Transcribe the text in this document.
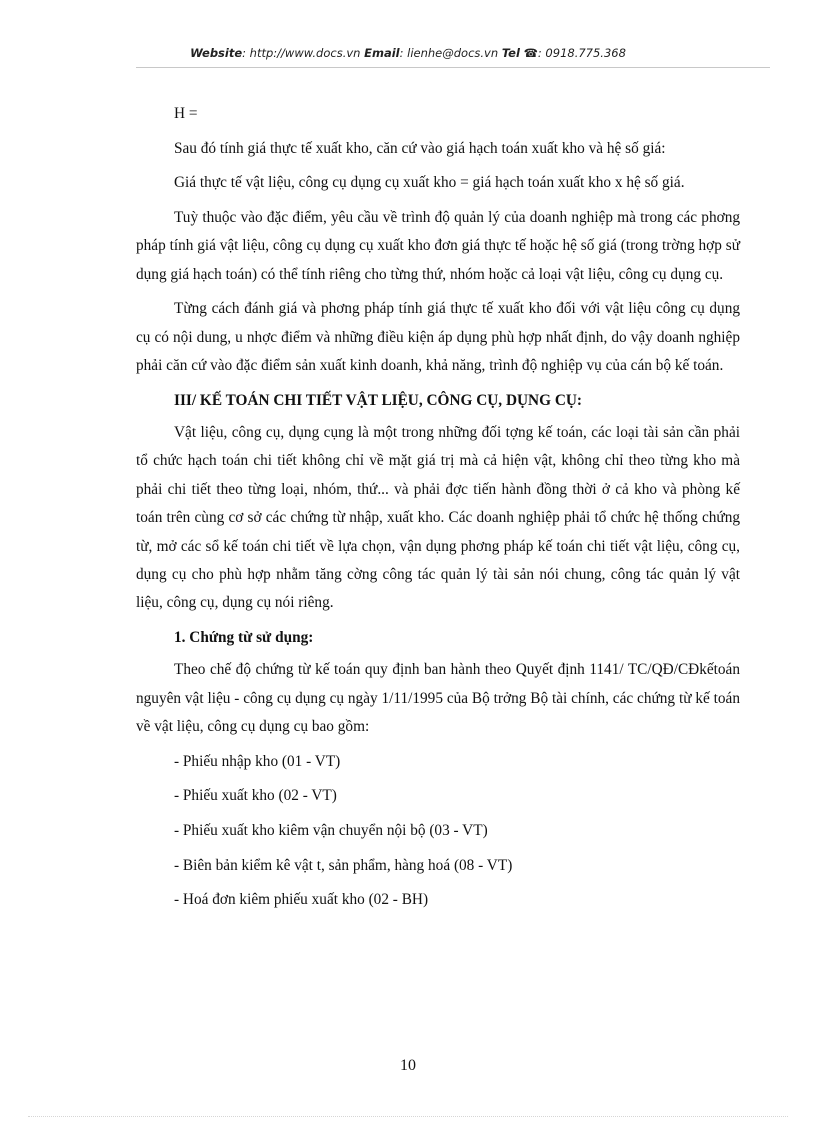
Website: http://www.docs.vn Email: lienhe@docs.vn Tel ☎: 0918.775.368

H =

Sau đó tính giá thực tế xuất kho, căn cứ vào giá hạch toán xuất kho và hệ số giá:

Giá thực tế vật liệu, công cụ dụng cụ xuất kho = giá hạch toán xuất kho x hệ số giá.

Tuỳ thuộc vào đặc điểm, yêu cầu về trình độ quản lý của doanh nghiệp mà trong các phơng pháp tính giá vật liệu, công cụ dụng cụ xuất kho đơn giá thực tế hoặc hệ số giá (trong trờng hợp sử dụng giá hạch toán) có thể tính riêng cho từng thứ, nhóm hoặc cả loại vật liệu, công cụ dụng cụ.

Từng cách đánh giá và phơng pháp tính giá thực tế xuất kho đối với vật liệu công cụ dụng cụ có nội dung, u nhợc điểm và những điều kiện áp dụng phù hợp nhất định, do vậy doanh nghiệp phải căn cứ vào đặc điểm sản xuất kinh doanh, khả năng, trình độ nghiệp vụ của cán bộ kế toán.

III/ KẾ TOÁN CHI TIẾT VẬT LIỆU, CÔNG CỤ, DỤNG CỤ:

Vật liệu, công cụ, dụng cụng là một trong những đối tợng kế toán, các loại tài sản cần phải tổ chức hạch toán chi tiết không chỉ về mặt giá trị mà cả hiện vật, không chỉ theo từng kho mà phải chi tiết theo từng loại, nhóm, thứ... và phải đợc tiến hành đồng thời ở cả kho và phòng kế toán trên cùng cơ sở các chứng từ nhập, xuất kho. Các doanh nghiệp phải tổ chức hệ thống chứng từ, mở các sổ kế toán chi tiết về lựa chọn, vận dụng phơng pháp kế toán chi tiết vật liệu, công cụ, dụng cụ cho phù hợp nhằm tăng cờng công tác quản lý tài sản nói chung, công tác quản lý vật liệu, công cụ, dụng cụ nói riêng.

1. Chứng từ sử dụng:

Theo chế độ chứng từ kế toán quy định ban hành theo Quyết định 1141/ TC/QĐ/CĐkếtoán nguyên vật liệu - công cụ dụng cụ ngày 1/11/1995 của Bộ trởng Bộ tài chính, các chứng từ kế toán về vật liệu, công cụ dụng cụ bao gồm:

- Phiếu nhập kho (01 - VT)
- Phiếu xuất kho (02 - VT)
- Phiếu xuất kho kiêm vận chuyển nội bộ (03 - VT)
- Biên bản kiểm kê vật t, sản phẩm, hàng hoá (08 - VT)
- Hoá đơn kiêm phiếu xuất kho (02 - BH)
10
